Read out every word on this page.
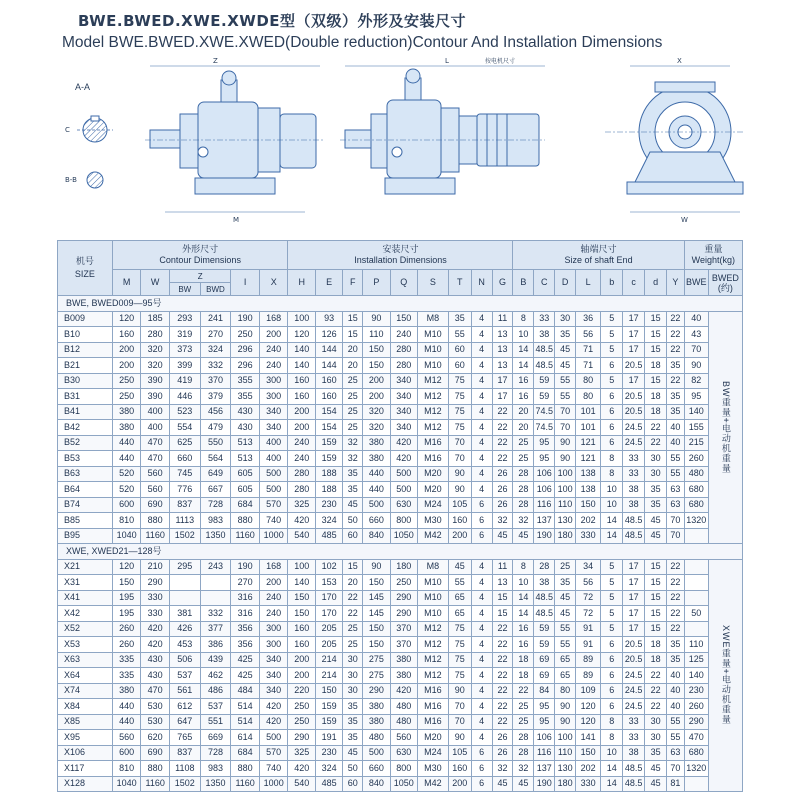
BWE.BWED.XWE.XWDE型（双级）外形及安装尺寸
Model BWE.BWED.XWE.XWED(Double reduction)Contour And Installation Dimensions
A-A
C
B-B
Z
M
L	按电机尺寸	X
W
机号
SIZE	外形尺寸
Contour Dimensions						安装尺寸
Installation Dimensions									轴端尺寸
Size of shaft End								重量
Weight(kg)	
	M	W	Z		I	X	H	E	F	P	Q	S	T	N	G	B	C	D	L	b	c	d	Y	BWE	BWED
(约)
			BW	BWD																					
BWE, BWED009—95号																									
B009	120	185	293	241	190	168	100	93	15	90	150	M8	35	4	11	8	33	30	36	5	17	15	22	40	BW重量+电动机重量
B10	160	280	319	270	250	200	120	126	15	110	240	M10	55	4	13	10	38	35	56	5	17	15	22	43	
B12	200	320	373	324	296	240	140	144	20	150	280	M10	60	4	13	14	48.5	45	71	5	17	15	22	70	
B21	200	320	399	332	296	240	140	144	20	150	280	M10	60	4	13	14	48.5	45	71	6	20.5	18	35	90	
B30	250	390	419	370	355	300	160	160	25	200	340	M12	75	4	17	16	59	55	80	5	17	15	22	82	
B31	250	390	446	379	355	300	160	160	25	200	340	M12	75	4	17	16	59	55	80	6	20.5	18	35	95	
B41	380	400	523	456	430	340	200	154	25	320	340	M12	75	4	22	20	74.5	70	101	6	20.5	18	35	140	
B42	380	400	554	479	430	340	200	154	25	320	340	M12	75	4	22	20	74.5	70	101	6	24.5	22	40	155	
B52	440	470	625	550	513	400	240	159	32	380	420	M16	70	4	22	25	95	90	121	6	24.5	22	40	215	
B53	440	470	660	564	513	400	240	159	32	380	420	M16	70	4	22	25	95	90	121	8	33	30	55	260	
B63	520	560	745	649	605	500	280	188	35	440	500	M20	90	4	26	28	106	100	138	8	33	30	55	480	
B64	520	560	776	667	605	500	280	188	35	440	500	M20	90	4	26	28	106	100	138	10	38	35	63	680	
B74	600	690	837	728	684	570	325	230	45	500	630	M24	105	6	26	28	116	110	150	10	38	35	63	680	
B85	810	880	1113	983	880	740	420	324	50	660	800	M30	160	6	32	32	137	130	202	14	48.5	45	70	1320	
B95	1040	1160	1502	1350	1160	1000	540	485	60	840	1050	M42	200	6	45	45	190	180	330	14	48.5	45	70		
XWE, XWED21—128号																									
X21	120	210	295	243	190	168	100	102	15	90	180	M8	45	4	11	8	28	25	34	5	17	15	22		XWE重量+电动机重量
X31	150	290			270	200	140	153	20	150	250	M10	55	4	13	10	38	35	56	5	17	15	22		
X41	195	330			316	240	150	170	22	145	290	M10	65	4	15	14	48.5	45	72	5	17	15	22		
X42	195	330	381	332	316	240	150	170	22	145	290	M10	65	4	15	14	48.5	45	72	5	17	15	22	50	
X52	260	420	426	377	356	300	160	205	25	150	370	M12	75	4	22	16	59	55	91	5	17	15	22		
X53	260	420	453	386	356	300	160	205	25	150	370	M12	75	4	22	16	59	55	91	6	20.5	18	35	110	
X63	335	430	506	439	425	340	200	214	30	275	380	M12	75	4	22	18	69	65	89	6	20.5	18	35	125	
X64	335	430	537	462	425	340	200	214	30	275	380	M12	75	4	22	18	69	65	89	6	24.5	22	40	140	
X74	380	470	561	486	484	340	220	150	30	290	420	M16	90	4	22	22	84	80	109	6	24.5	22	40	230	
X84	440	530	612	537	514	420	250	159	35	380	480	M16	70	4	22	25	95	90	120	6	24.5	22	40	260	
X85	440	530	647	551	514	420	250	159	35	380	480	M16	70	4	22	25	95	90	120	8	33	30	55	290	
X95	560	620	765	669	614	500	290	191	35	480	560	M20	90	4	26	28	106	100	141	8	33	30	55	470	
X106	600	690	837	728	684	570	325	230	45	500	630	M24	105	6	26	28	116	110	150	10	38	35	63	680	
X117	810	880	1108	983	880	740	420	324	50	660	800	M30	160	6	32	32	137	130	202	14	48.5	45	70	1320	
X128	1040	1160	1502	1350	1160	1000	540	485	60	840	1050	M42	200	6	45	45	190	180	330	14	48.5	45	81		
